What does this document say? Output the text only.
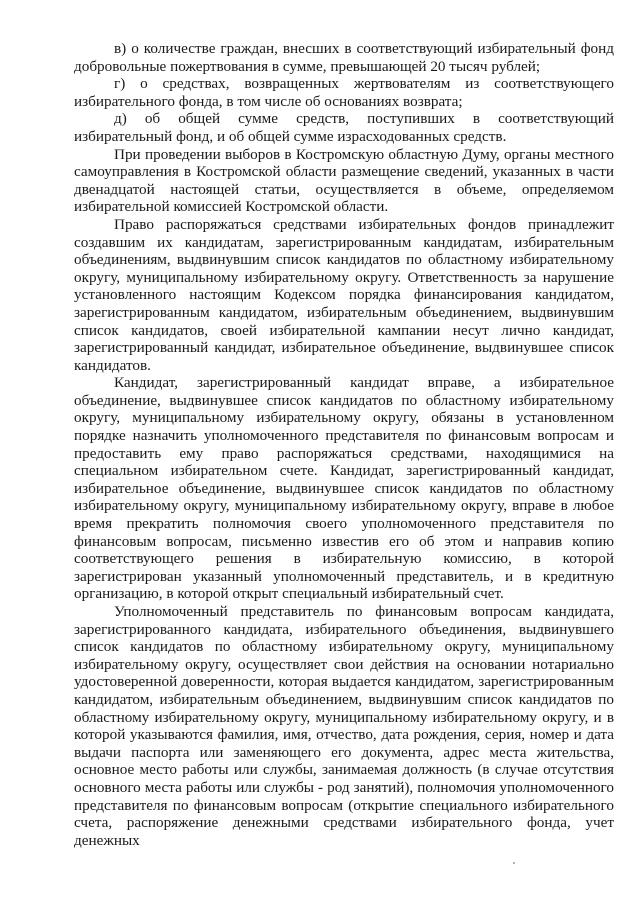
в) о количестве граждан, внесших в соответствующий избирательный фонд добровольные пожертвования в сумме, превышающей 20 тысяч рублей;

г) о средствах, возвращенных жертвователям из соответствующего избирательного фонда, в том числе об основаниях возврата;

д) об общей сумме средств, поступивших в соответствующий избирательный фонд, и об общей сумме израсходованных средств.

При проведении выборов в Костромскую областную Думу, органы местного самоуправления в Костромской области размещение сведений, указанных в части двенадцатой настоящей статьи, осуществляется в объеме, определяемом избирательной комиссией Костромской области.

Право распоряжаться средствами избирательных фондов принадлежит создавшим их кандидатам, зарегистрированным кандидатам, избирательным объединениям, выдвинувшим список кандидатов по областному избирательному округу, муниципальному избирательному округу. Ответственность за нарушение установленного настоящим Кодексом порядка финансирования кандидатом, зарегистрированным кандидатом, избирательным объединением, выдвинувшим список кандидатов, своей избирательной кампании несут лично кандидат, зарегистрированный кандидат, избирательное объединение, выдвинувшее список кандидатов.

Кандидат, зарегистрированный кандидат вправе, а избирательное объединение, выдвинувшее список кандидатов по областному избирательному округу, муниципальному избирательному округу, обязаны в установленном порядке назначить уполномоченного представителя по финансовым вопросам и предоставить ему право распоряжаться средствами, находящимися на специальном избирательном счете. Кандидат, зарегистрированный кандидат, избирательное объединение, выдвинувшее список кандидатов по областному избирательному округу, муниципальному избирательному округу, вправе в любое время прекратить полномочия своего уполномоченного представителя по финансовым вопросам, письменно известив его об этом и направив копию соответствующего решения в избирательную комиссию, в которой зарегистрирован указанный уполномоченный представитель, и в кредитную организацию, в которой открыт специальный избирательный счет.

Уполномоченный представитель по финансовым вопросам кандидата, зарегистрированного кандидата, избирательного объединения, выдвинувшего список кандидатов по областному избирательному округу, муниципальному избирательному округу, осуществляет свои действия на основании нотариально удостоверенной доверенности, которая выдается кандидатом, зарегистрированным кандидатом, избирательным объединением, выдвинувшим список кандидатов по областному избирательному округу, муниципальному избирательному округу, и в которой указываются фамилия, имя, отчество, дата рождения, серия, номер и дата выдачи паспорта или заменяющего его документа, адрес места жительства, основное место работы или службы, занимаемая должность (в случае отсутствия основного места работы или службы - род занятий), полномочия уполномоченного представителя по финансовым вопросам (открытие специального избирательного счета, распоряжение денежными средствами избирательного фонда, учет денежных
